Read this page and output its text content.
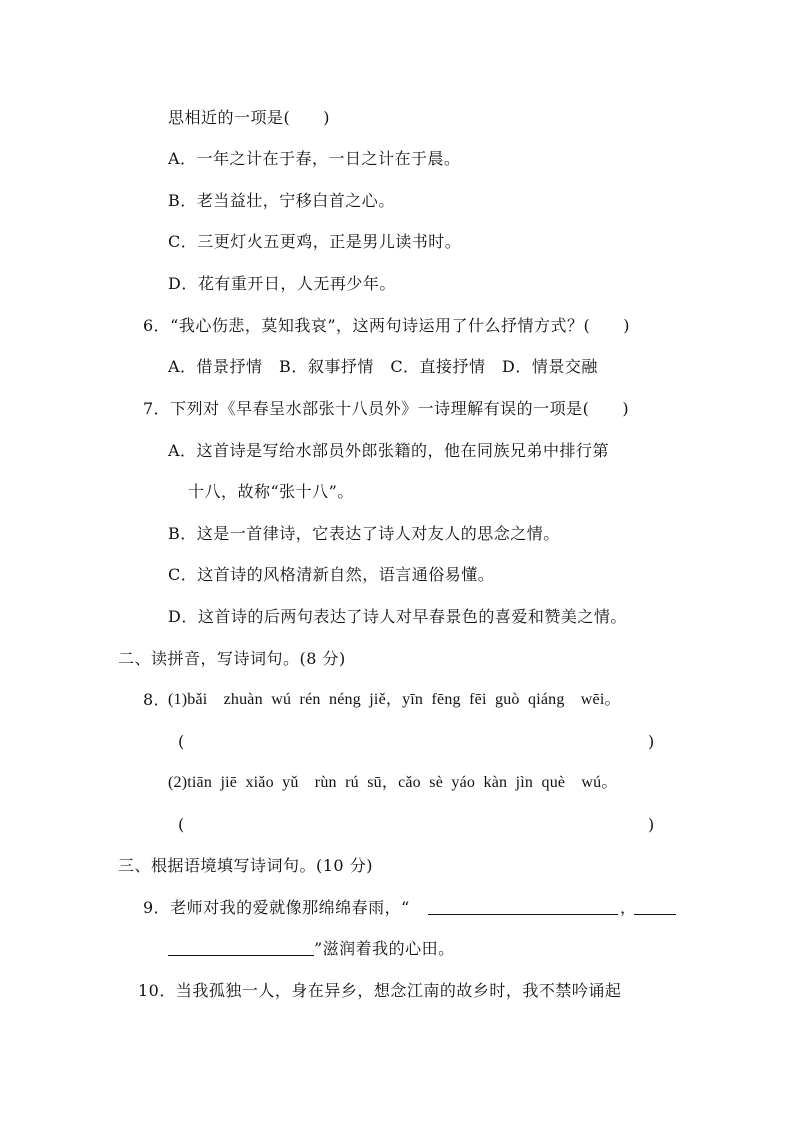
思相近的一项是(　　)
A．一年之计在于春，一日之计在于晨。
B．老当益壮，宁移白首之心。
C．三更灯火五更鸡，正是男儿读书时。
D．花有重开日，人无再少年。
6．“我心伤悲，莫知我哀”，这两句诗运用了什么抒情方式？(　　)
A．借景抒情　B．叙事抒情　C．直接抒情　D．情景交融
7．下列对《早春呈水部张十八员外》一诗理解有误的一项是(　　)
A．这首诗是写给水部员外郎张籍的，他在同族兄弟中排行第
十八，故称“张十八”。
B．这是一首律诗，它表达了诗人对友人的思念之情。
C．这首诗的风格清新自然，语言通俗易懂。
D．这首诗的后两句表达了诗人对早春景色的喜爱和赞美之情。
二、读拼音，写诗词句。(8 分)
8．
(1)bǎi　zhuàn  wú  rén  néng  jiě，yīn  fēng  fēi  guò  qiáng　wēi。
(	)
(2)tiān  jiē  xiǎo  yǔ　rùn  rú  sū，cǎo  sè  yáo  kàn  jìn  què　wú。
(	)
三、根据语境填写诗词句。(10 分)
9．老师对我的爱就像那绵绵春雨，“	，
”滋润着我的心田。
10．当我孤独一人，身在异乡，想念江南的故乡时，我不禁吟诵起
